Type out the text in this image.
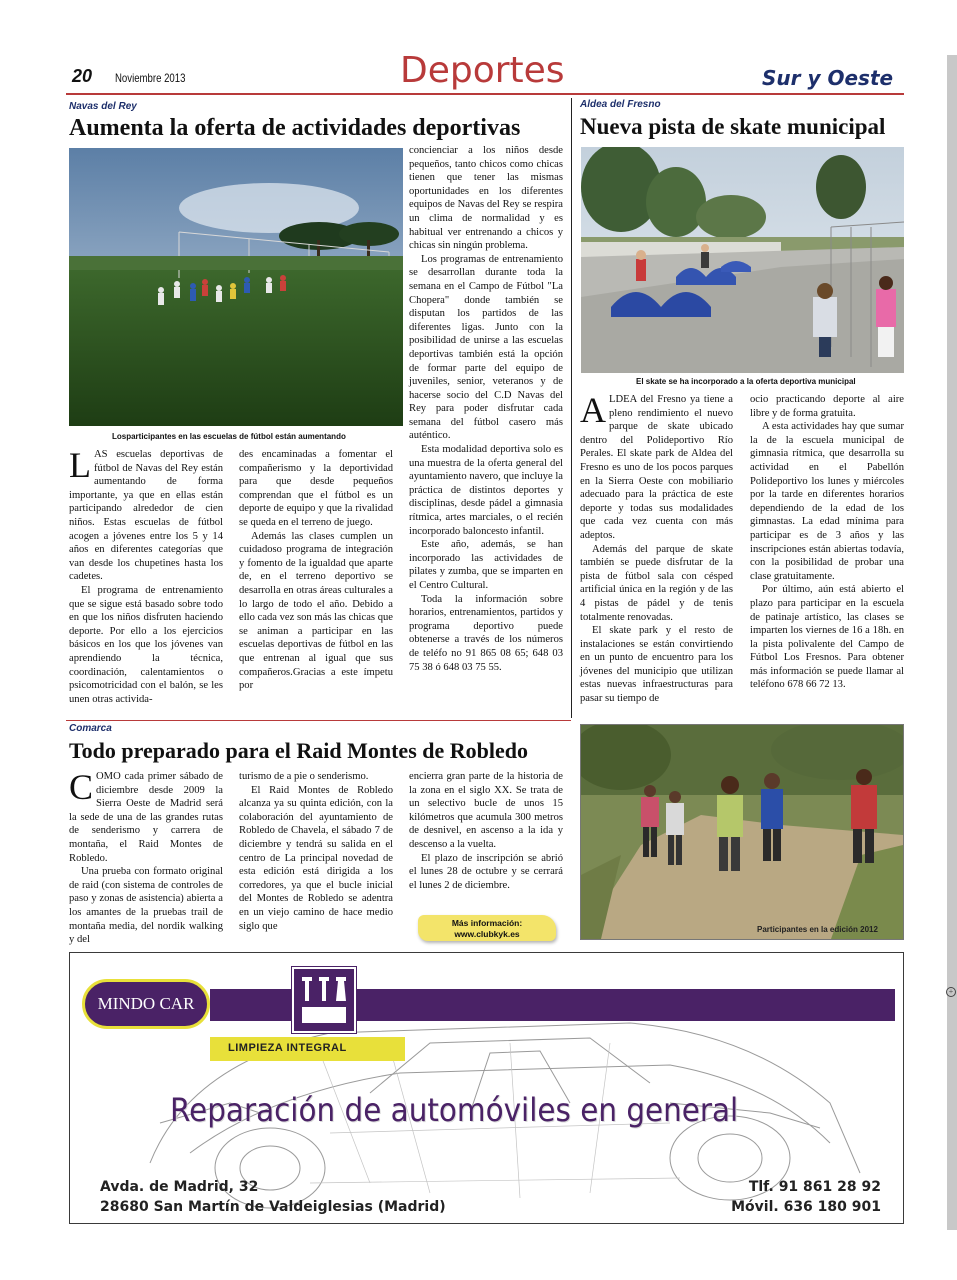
20 Noviembre 2013	Deportes	Sur y Oeste
Navas del Rey
Aumenta la oferta de actividades deportivas
Losparticipantes en las escuelas de fútbol están aumentando

LAS escuelas deportivas de fútbol de Navas del Rey están aumentando de forma importante, ya que en ellas están participando alrededor de cien niños. Estas escuelas de fútbol acogen a jóvenes entre los 5 y 14 años en diferentes categorías que van desde los chupetines hasta los cadetes.

El programa de entrenamiento que se sigue está basado sobre todo en que los niños disfruten haciendo deporte. Por ello a los ejercicios básicos en los que los jóvenes van aprendiendo la técnica, coordinación, calentamientos o psicomotricidad con el balón, se les unen otras activida-

des encaminadas a fomentar el compañerismo y la deportividad para que desde pequeños comprendan que el fútbol es un deporte de equipo y que la rivalidad se queda en el terreno de juego.

Además las clases cumplen un cuidadoso programa de integración y fomento de la igualdad que aparte de, en el terreno deportivo se desarrolla en otras áreas culturales a lo largo de todo el año. Debido a ello cada vez son más las chicas que se animan a participar en las escuelas deportivas de fútbol en las que entrenan al igual que sus compañeros.Gracias a este ímpetu por

concienciar a los niños desde pequeños, tanto chicos como chicas tienen que tener las mismas oportunidades en los diferentes equipos de Navas del Rey se respira un clima de normalidad y es habitual ver entrenando a chicos y chicas sin ningún problema.

Los programas de entrenamiento se desarrollan durante toda la semana en el Campo de Fútbol "La Chopera" donde también se disputan los partidos de las diferentes ligas. Junto con la posibilidad de unirse a las escuelas deportivas también está la opción de formar parte del equipo de juveniles, senior, veteranos y de hacerse socio del C.D Navas del Rey para poder disfrutar cada semana del fútbol casero más auténtico.

Esta modalidad deportiva solo es una muestra de la oferta general del ayuntamiento navero, que incluye la práctica de distintos deportes y disciplinas, desde pádel a gimnasia rítmica, artes marciales, o el recién incorporado baloncesto infantil.

Este año, además, se han incorporado las actividades de pilates y zumba, que se imparten en el Centro Cultural.

Toda la información sobre horarios, entrenamientos, partidos y programa deportivo puede obtenerse a través de los números de teléfo no 91 865 08 65; 648 03 75 38 ó 648 03 75 55.

Aldea del Fresno
Nueva pista de skate municipal
El skate se ha incorporado a la oferta deportiva municipal

ALDEA del Fresno ya tiene a pleno rendimiento el nuevo parque de skate ubicado dentro del Polideportivo Río Perales. El skate park de Aldea del Fresno es uno de los pocos parques en la Sierra Oeste con mobiliario adecuado para la práctica de este deporte y todas sus modalidades que cada vez cuenta con más adeptos.

Además del parque de skate también se puede disfrutar de la pista de fútbol sala con césped artificial única en la región y de las 4 pistas de pádel y de tenis totalmente renovadas.

El skate park y el resto de instalaciones se están convirtiendo en un punto de encuentro para los jóvenes del municipio que utilizan estas nuevas infraestructuras para pasar su tiempo de

ocio practicando deporte al aire libre y de forma gratuita.

A esta actividades hay que sumar la de la escuela municipal de gimnasia rítmica, que desarrolla su actividad en el Pabellón Polideportivo los lunes y miércoles por la tarde en diferentes horarios dependiendo de la edad de los gimnastas. La edad mínima para participar es de 3 años y las inscripciones están abiertas todavía, con la posibilidad de probar una clase gratuitamente.

Por último, aún está abierto el plazo para participar en la escuela de patinaje artístico, las clases se imparten los viernes de 16 a 18h. en la pista polivalente del Campo de Fútbol Los Fresnos. Para obtener más información se puede llamar al teléfono 678 66 72 13.

Comarca
Todo preparado para el Raid Montes de Robledo

COMO cada primer sábado de diciembre desde 2009 la Sierra Oeste de Madrid será la sede de una de las grandes rutas de senderismo y carrera de montaña, el Raid Montes de Robledo.

Una prueba con formato original de raid (con sistema de controles de paso y zonas de asistencia) abierta a los amantes de la pruebas trail de montaña media, del nordik walking y del

turismo de a pie o senderismo.

El Raid Montes de Robledo alcanza ya su quinta edición, con la colaboración del ayuntamiento de Robledo de Chavela, el sábado 7 de diciembre y tendrá su salida en el centro de La principal novedad de esta edición está dirigida a los corredores, ya que el bucle inicial del Montes de Robledo se adentra en un viejo camino de hace medio siglo que

encierra gran parte de la historia de la zona en el siglo XX. Se trata de un selectivo bucle de unos 15 kilómetros que acumula 300 metros de desnivel, en ascenso a la ida y descenso a la vuelta.

El plazo de inscripción se abrió el lunes 28 de octubre y se cerrará el lunes 2 de diciembre.

Más información:
www.clubkyk.es	Participantes en la edición 2012
MINDO CAR
LIMPIEZA INTEGRAL
Reparación de automóviles en general
Avda. de Madrid, 32
28680 San Martín de Valdeiglesias (Madrid)
Tlf. 91 861 28 92
Móvil. 636 180 901
+
